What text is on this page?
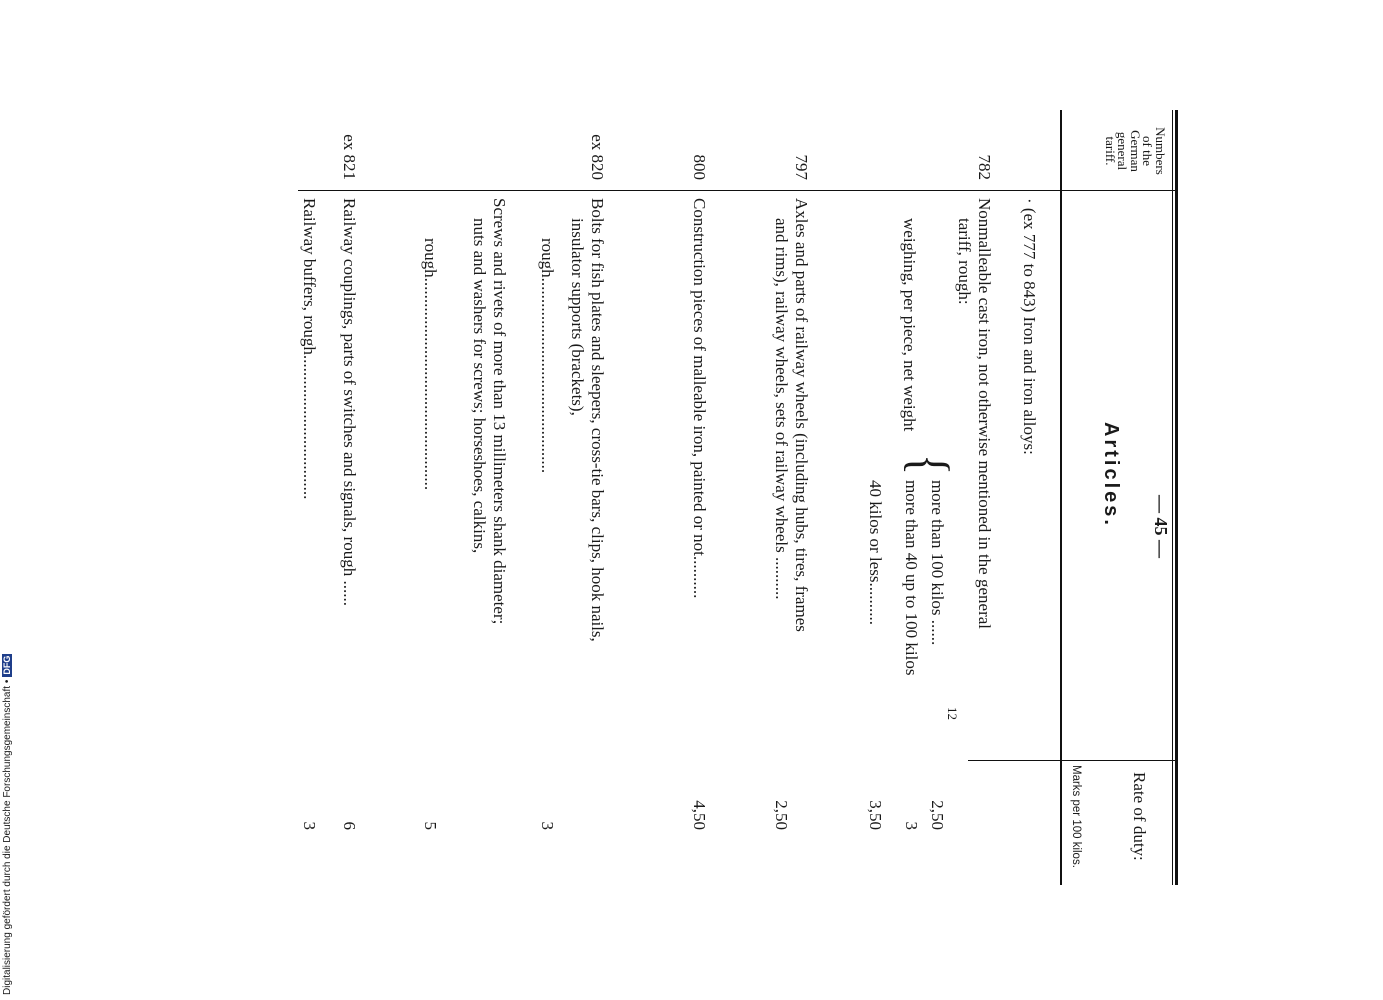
— 45 —
Numbers
of the
German
general
tariff.
Articles.
Rate of duty:
Marks per 100 kilos.
· (ex 777 to 843) Iron and iron alloys:
782
Nonmalleable cast iron, not otherwise mentioned in the general
tariff, rough:
weighing, per piece, net weight
{
more than 100 kilos ......
2,50
more than 40 up to 100 kilos
3
40 kilos or less..........
3,50
797
Axles and parts of railway wheels (including hubs, tires, frames
and rims), railway wheels, sets of railway wheels ..........
2,50
800
Construction pieces of malleable iron, painted or not..........
4,50
ex 820
Bolts for fish plates and sleepers, cross-tie bars, clips, hook nails,
insulator supports (brackets),
rough..............................................
3
Screws and rivets of more than 13 millimeters shank diameter;
nuts and washers for screws; horseshoes, calkins,
rough..................................................
5
ex 821
Railway couplings, parts of switches and signals, rough ......
6
Railway buffers, rough..................................
3
12
Digitalisierung gefördert durch die Deutsche Forschungsgemeinschaft •DFG
